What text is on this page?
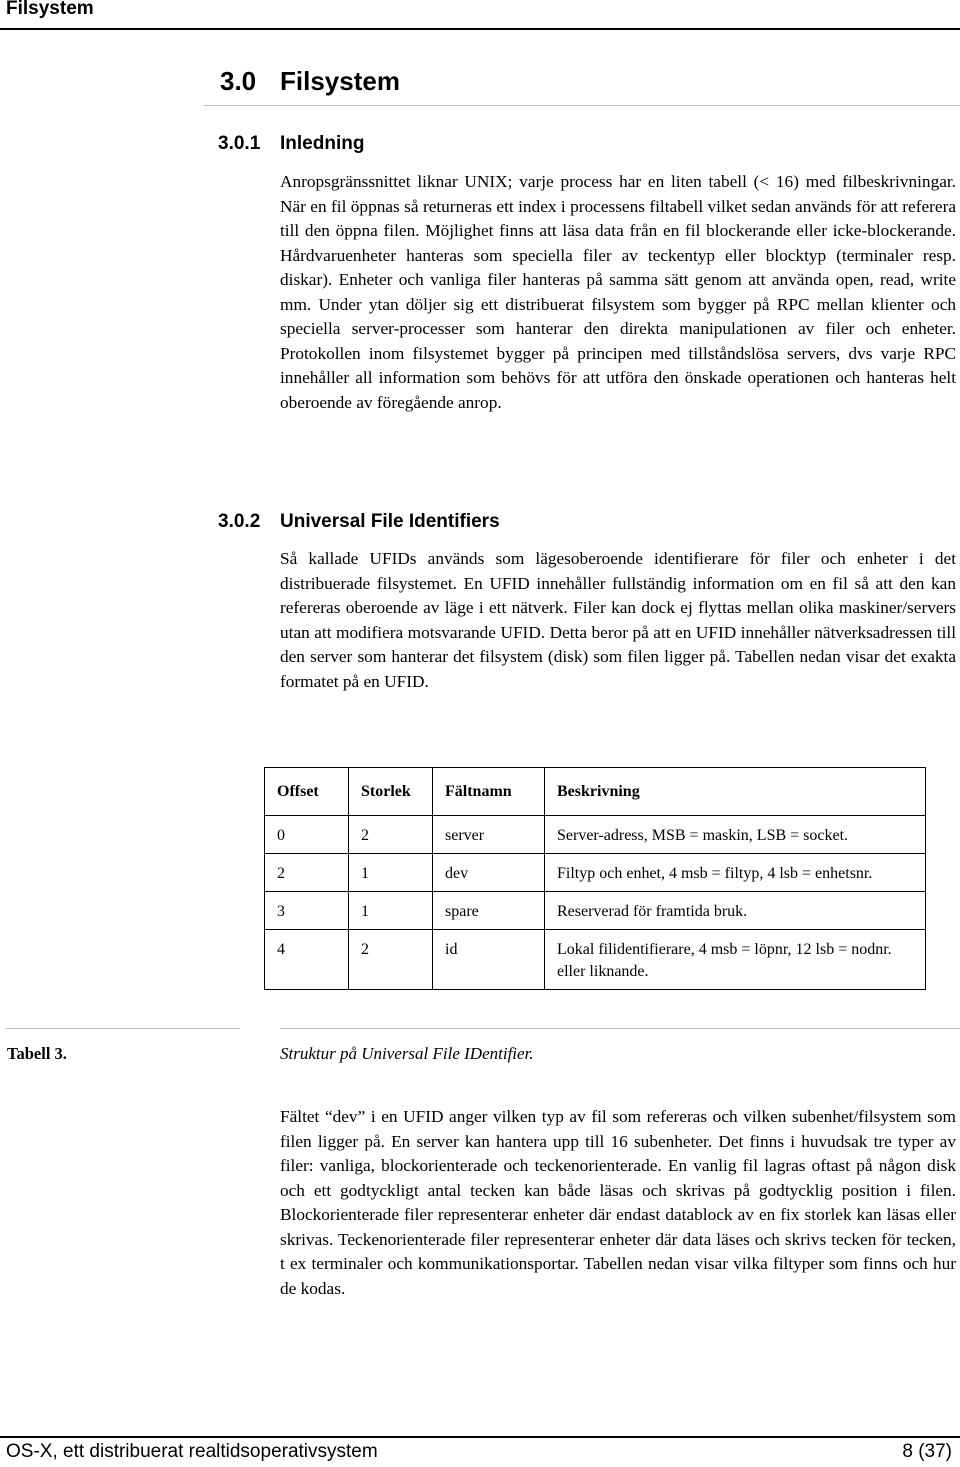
Filsystem
3.0 Filsystem
3.0.1 Inledning

Anropsgränssnittet liknar UNIX; varje process har en liten tabell (< 16) med filbeskrivningar. När en fil öppnas så returneras ett index i processens filtabell vilket sedan används för att referera till den öppna filen. Möjlighet finns att läsa data från en fil blockerande eller icke-blockerande. Hårdvaruenheter hanteras som speciella filer av teckentyp eller blocktyp (terminaler resp. diskar). Enheter och vanliga filer hanteras på samma sätt genom att använda open, read, write mm. Under ytan döljer sig ett distribuerat filsystem som bygger på RPC mellan klienter och speciella server-processer som hanterar den direkta manipulationen av filer och enheter. Protokollen inom filsystemet bygger på principen med tillståndslösa servers, dvs varje RPC innehåller all information som behövs för att utföra den önskade operationen och hanteras helt oberoende av föregående anrop.

3.0.2 Universal File Identifiers

Så kallade UFIDs används som lägesoberoende identifierare för filer och enheter i det distribuerade filsystemet. En UFID innehåller fullständig information om en fil så att den kan refereras oberoende av läge i ett nätverk. Filer kan dock ej flyttas mellan olika maskiner/servers utan att modifiera motsvarande UFID. Detta beror på att en UFID innehåller nätverksadressen till den server som hanterar det filsystem (disk) som filen ligger på. Tabellen nedan visar det exakta formatet på en UFID.

Offset	Storlek	Fältnamn	Beskrivning
0	2	server	Server-adress, MSB = maskin, LSB = socket.
2	1	dev	Filtyp och enhet, 4 msb = filtyp, 4 lsb = enhetsnr.
3	1	spare	Reserverad för framtida bruk.
4	2	id	Lokal filidentifierare, 4 msb = löpnr, 12 lsb = nodnr. eller liknande.
Tabell 3.	Struktur på Universal File IDentifier.

Fältet “dev” i en UFID anger vilken typ av fil som refereras och vilken subenhet/filsystem som filen ligger på. En server kan hantera upp till 16 subenheter. Det finns i huvudsak tre typer av filer: vanliga, blockorienterade och teckenorienterade. En vanlig fil lagras oftast på någon disk och ett godtyckligt antal tecken kan både läsas och skrivas på godtycklig position i filen. Blockorienterade filer representerar enheter där endast datablock av en fix storlek kan läsas eller skrivas. Teckenorienterade filer representerar enheter där data läses och skrivs tecken för tecken, t ex terminaler och kommunikationsportar. Tabellen nedan visar vilka filtyper som finns och hur de kodas.

OS-X, ett distribuerat realtidsoperativsystem	8 (37)
